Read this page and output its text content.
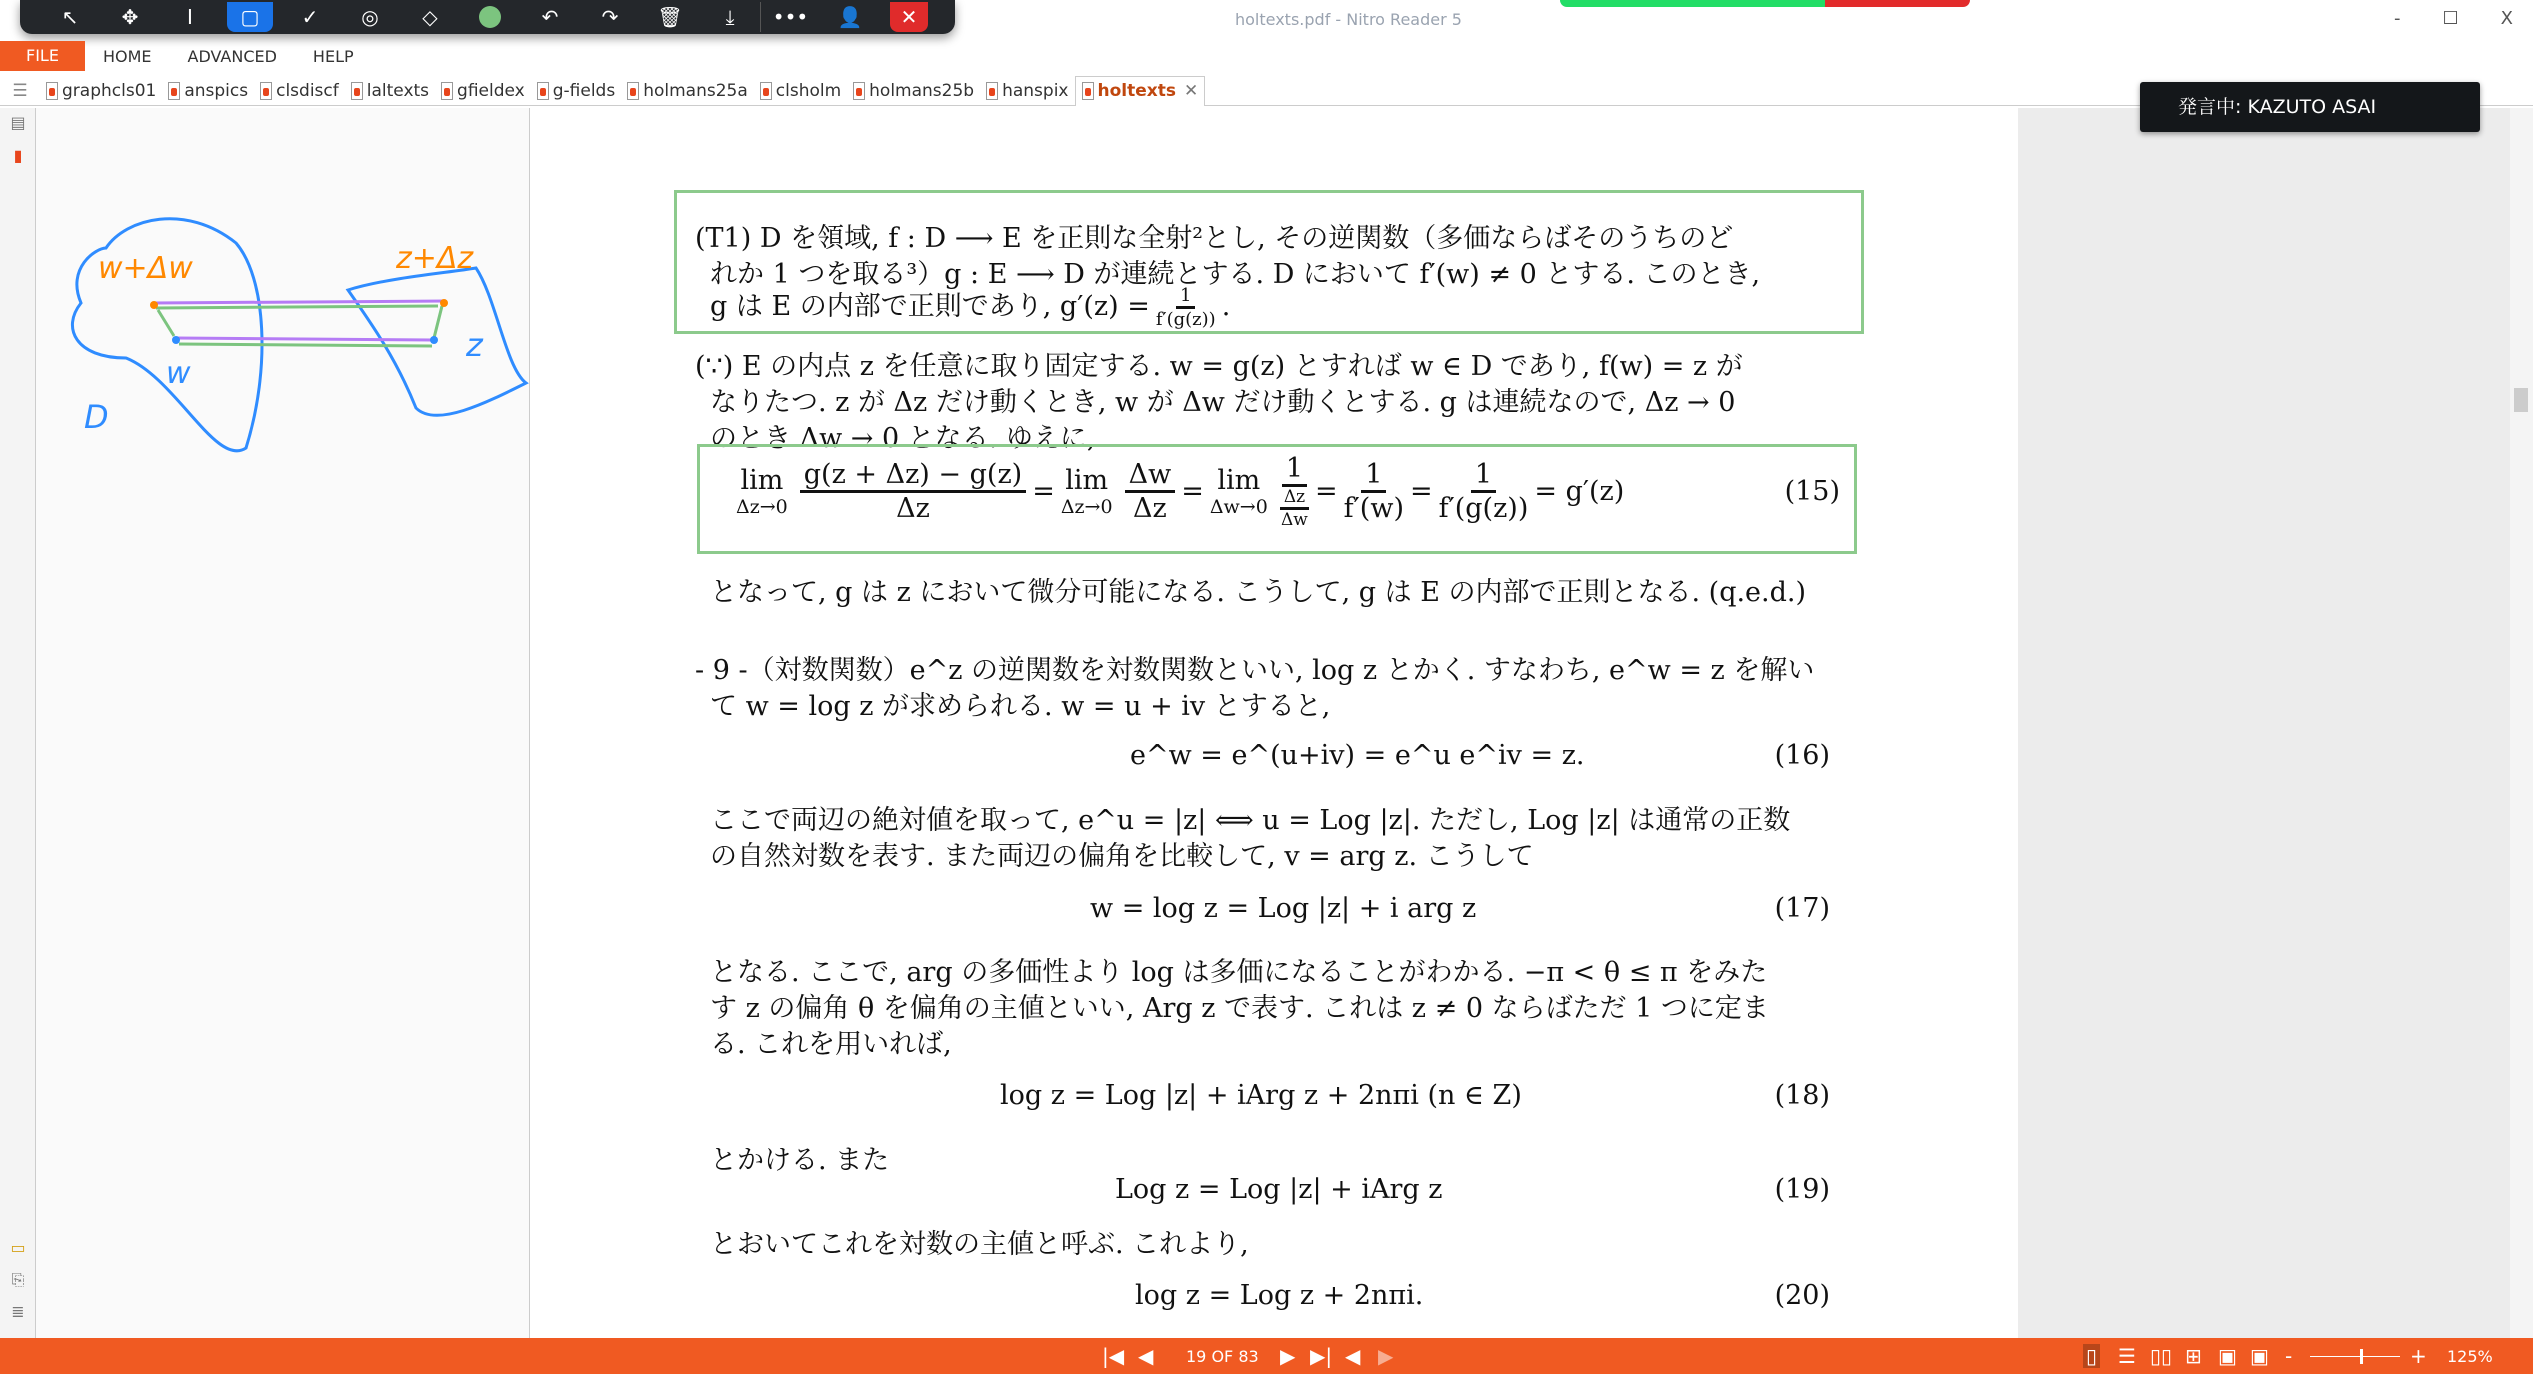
↖	✥	I	▢	✓	◎	◇	↶	↷	🗑	⤓	•••	👤	✕	holtexts.pdf - Nitro Reader 5	- ☐ X
FILE	HOME	ADVANCED	HELP
☰	graphcls01 anspics clsdiscf laltexts gfieldex g-fields holmans25a clsholm holmans25b hanspix holtexts ✕
▤
▮
▭
⎘
≣
w+Δw	z+Δz
w
z
D
(T1) D を領域, f : D ⟶ E を正則な全射²とし, その逆関数（多価ならばそのうちのど
れか 1 つを取る³）g : E ⟶ D が連続とする. D において f′(w) ≠ 0 とする. このとき,
g は E の内部で正則であり, $g'(z) = \frac{1}{f'(g(z))}$ .
(∵) E の内点 z を任意に取り固定する. w = g(z) とすれば w ∈ D であり, f(w) = z が
なりたつ. z が Δz だけ動くとき, w が Δw だけ動くとする. g は連続なので, Δz → 0
のとき Δw → 0 となる. ゆえに,
lim
$\Delta z\to 0 \frac{g(z + \Delta z) - g(z)}{\Delta z} = \lim$
$\Delta z\to 0 \frac{\Delta w}{\Delta z} = \lim$
$\Delta w\to 0 \frac{1}{\frac{\Delta z}{\Delta w}} = \frac{1}{f'(w)} = \frac{1}{f'(g(z))} = g'(z)$	(15)
となって, g は z において微分可能になる. こうして, g は E の内部で正則となる. (q.e.d.)
- 9 -（対数関数）e^z の逆関数を対数関数といい, log z とかく. すなわち, e^w = z を解い
て w = log z が求められる. w = u + iv とすると,
e^w = e^(u+iv) = e^u e^iv = z.	(16)
ここで両辺の絶対値を取って, e^u = |z| ⟺ u = Log |z|. ただし, Log |z| は通常の正数
の自然対数を表す. また両辺の偏角を比較して, v = arg z. こうして
w = log z = Log |z| + i arg z	(17)
となる. ここで, arg の多価性より log は多価になることがわかる. −π < θ ≤ π をみた
す z の偏角 θ を偏角の主値といい, Arg z で表す. これは z ≠ 0 ならばただ 1 つに定ま
る. これを用いれば,
log z = Log |z| + iArg z + 2nπi (n ∈ Z)	(18)
とかける. また
Log z = Log |z| + iArg z	(19)
とおいてこれを対数の主値と呼ぶ. これより,
log z = Log z + 2nπi.	(20)
発言中: KAZUTO ASAI
|◀ ◀ 19 OF 83 ▶ ▶| ◀ ▶	▯ ☰ ▯▯ ⊞ ▣ ▣ -	+ 125%
